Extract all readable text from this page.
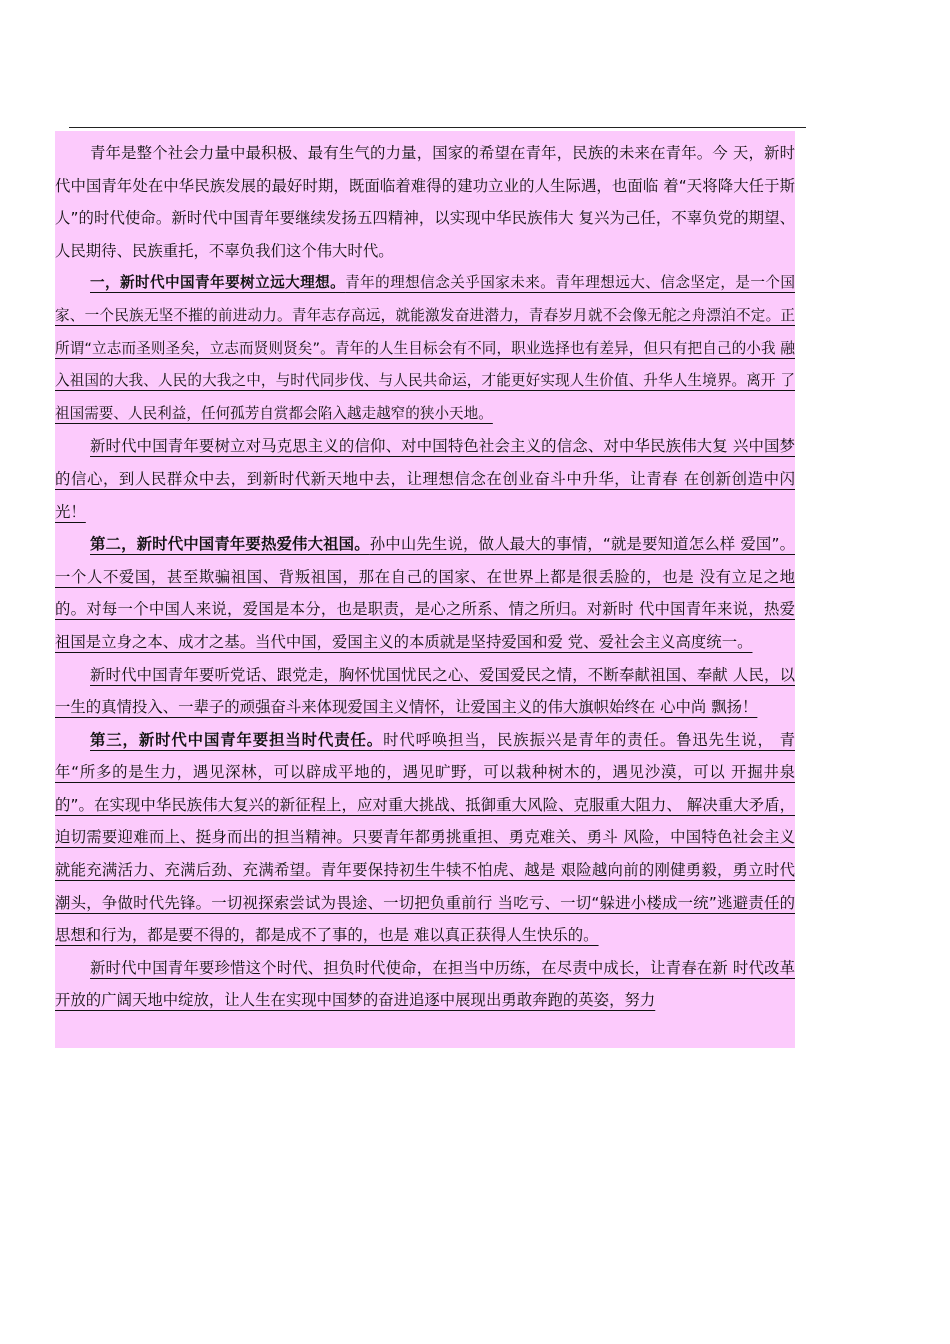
青年是整个社会力量中最积极、最有生气的力量，国家的希望在青年，民族的未来在青年。今 天，新时代中国青年处在中华民族发展的最好时期，既面临着难得的建功立业的人生际遇，也面临 着“天将降大任于斯人”的时代使命。新时代中国青年要继续发扬五四精神，以实现中华民族伟大 复兴为己任，不辜负党的期望、人民期待、民族重托，不辜负我们这个伟大时代。

一，新时代中国青年要树立远大理想。青年的理想信念关乎国家未来。青年理想远大、信念坚定，是一个国 家、一个民族无坚不摧的前进动力。青年志存高远，就能激发奋进潜力，青春岁月就不会像无舵之舟漂泊不定。正 所谓“立志而圣则圣矣，立志而贤则贤矣”。青年的人生目标会有不同，职业选择也有差异，但只有把自己的小我 融入祖国的大我、人民的大我之中，与时代同步伐、与人民共命运，才能更好实现人生价值、升华人生境界。离开 了祖国需要、人民利益，任何孤芳自赏都会陷入越走越窄的狭小天地。

新时代中国青年要树立对马克思主义的信仰、对中国特色社会主义的信念、对中华民族伟大复 兴中国梦的信心，到人民群众中去，到新时代新天地中去，让理想信念在创业奋斗中升华，让青春 在创新创造中闪光！

第二，新时代中国青年要热爱伟大祖国。孙中山先生说，做人最大的事情，“就是要知道怎么样 爱国”。一个人不爱国，甚至欺骗祖国、背叛祖国，那在自己的国家、在世界上都是很丢脸的，也是 没有立足之地的。对每一个中国人来说，爱国是本分，也是职责，是心之所系、情之所归。对新时 代中国青年来说，热爱祖国是立身之本、成才之基。当代中国，爱国主义的本质就是坚持爱国和爱 党、爱社会主义高度统一。

新时代中国青年要听党话、跟党走，胸怀忧国忧民之心、爱国爱民之情，不断奉献祖国、奉献 人民，以一生的真情投入、一辈子的顽强奋斗来体现爱国主义情怀，让爱国主义的伟大旗帜始终在 心中尚 飘扬！

第三，新时代中国青年要担当时代责任。时代呼唤担当，民族振兴是青年的责任。鲁迅先生说， 青年“所多的是生力，遇见深林，可以辟成平地的，遇见旷野，可以栽种树木的，遇见沙漠，可以 开掘井泉的”。在实现中华民族伟大复兴的新征程上，应对重大挑战、抵御重大风险、克服重大阻力、 解决重大矛盾，迫切需要迎难而上、挺身而出的担当精神。只要青年都勇挑重担、勇克难关、勇斗 风险，中国特色社会主义就能充满活力、充满后劲、充满希望。青年要保持初生牛犊不怕虎、越是 艰险越向前的刚健勇毅，勇立时代潮头，争做时代先锋。一切视探索尝试为畏途、一切把负重前行 当吃亏、一切“躲进小楼成一统”逃避责任的思想和行为，都是要不得的，都是成不了事的，也是 难以真正获得人生快乐的。

新时代中国青年要珍惜这个时代、担负时代使命，在担当中历练，在尽责中成长，让青春在新 时代改革开放的广阔天地中绽放，让人生在实现中国梦的奋进追逐中展现出勇敢奔跑的英姿，努力
